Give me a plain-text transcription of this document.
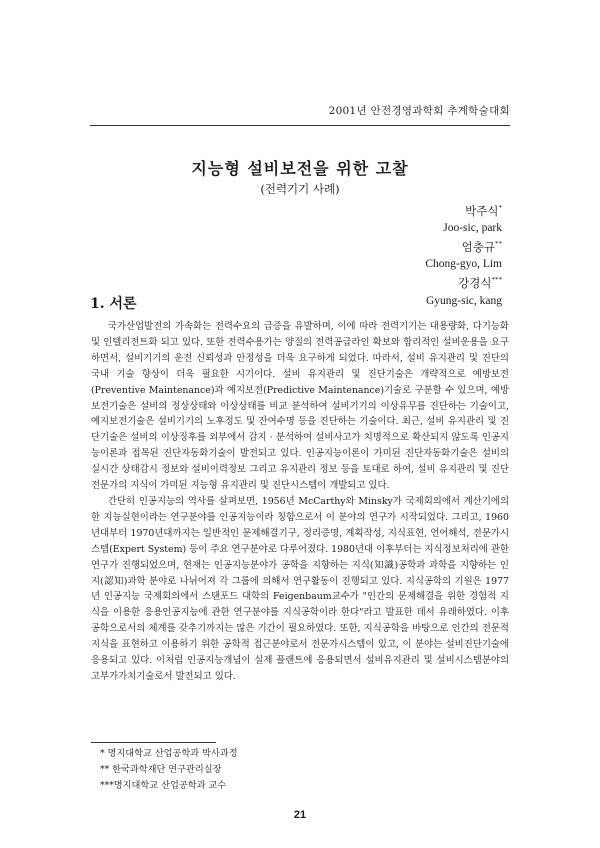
2001년 안전경영과학회 추계학술대회
지능형 설비보전을 위한 고찰
(전력기기 사례)
박주식*
Joo-sic, park
엄충규**
Chong-gyo, Lim
강경식***
Gyung-sic, kang
1. 서론

국가산업발전의 가속화는 전력수요의 급증을 유발하며, 이에 따라 전력기기는 대용량화, 다기능화 및 인텔리전트화 되고 있다. 또한 전력수용가는 양질의 전력공급라인 확보와 합리적인 설비운용을 요구하면서, 설비기기의 운전 신뢰성과 안정성을 더욱 요구하게 되었다. 따라서, 설비 유지관리 및 진단의 국내 기술 향상이 더욱 필요한 시기이다. 설비 유지관리 및 진단기술은 개략적으로 예방보전(Preventive Maintenance)과 예지보전(Predictive Maintenance)기술로 구분할 수 있으며, 예방보전기술은 설비의 정상상태와 이상상태를 비교 분석하여 설비기기의 이상유무를 진단하는 기술이고, 예지보전기술은 설비기기의 노후정도 및 잔여수명 등을 진단하는 기술이다. 최근, 설비 유지관리 및 진단기술은 설비의 이상징후를 외부에서 감지 · 분석하여 설비사고가 치명적으로 확산되지 않도록 인공지능이론과 접목된 진단자동화기술이 발전되고 있다. 인공지능이론이 가미된 진단자동화기술은 설비의 실시간 상태감시 정보와 설비이력정보 그리고 유지관리 정보 등을 토대로 하여, 설비 유지관리 및 진단전문가의 지식이 가미된 지능형 유지관리 및 진단시스템이 개발되고 있다.

간단히 인공지능의 역사를 살펴보면, 1956년 McCarthy와 Minsky가 국제회의에서 계산기에의 한 지능실현이라는 연구분야를 인공지능이라 칭함으로서 이 분야의 연구가 시작되었다. 그리고, 1960년대부터 1970년대까지는 일반적인 문제해결기구, 정리증명, 계획작성, 지식표현, 언어해석, 전문가시스템(Expert System) 등이 주요 연구분야로 다루어졌다. 1980년대 이후부터는 지식정보처리에 관한 연구가 진행되었으며, 현재는 인공지능분야가 공학을 지향하는 지식(知識)공학과 과학을 지향하는 인지(認知)과학 분야로 나뉘어져 각 그룹에 의해서 연구활동이 진행되고 있다. 지식공학의 기원은 1977년 인공지능 국제회의에서 스탠포드 대학의 Feigenbaum교수가 "인간의 문제해결을 위한 경험적 지식을 이용한 응용인공지능에 관한 연구분야를 지식공학이라 한다"라고 발표한 데서 유래하였다. 이후 공학으로서의 체계를 갖추기까지는 많은 기간이 필요하였다. 또한, 지식공학을 바탕으로 인간의 전문적 지식을 표현하고 이용하기 위한 공학적 접근분야로서 전문가시스템이 있고, 이 분야는 설비진단기술에 응용되고 있다. 이처럼 인공지능개념이 실제 플랜트에 응용되면서 설비유지관리 및 설비시스템분야의 고부가가치기술로서 발전되고 있다.

* 명지대학교 산업공학과 박사과정
** 한국과학재단 연구관리실장
***명지대학교 산업공학과 교수
21
